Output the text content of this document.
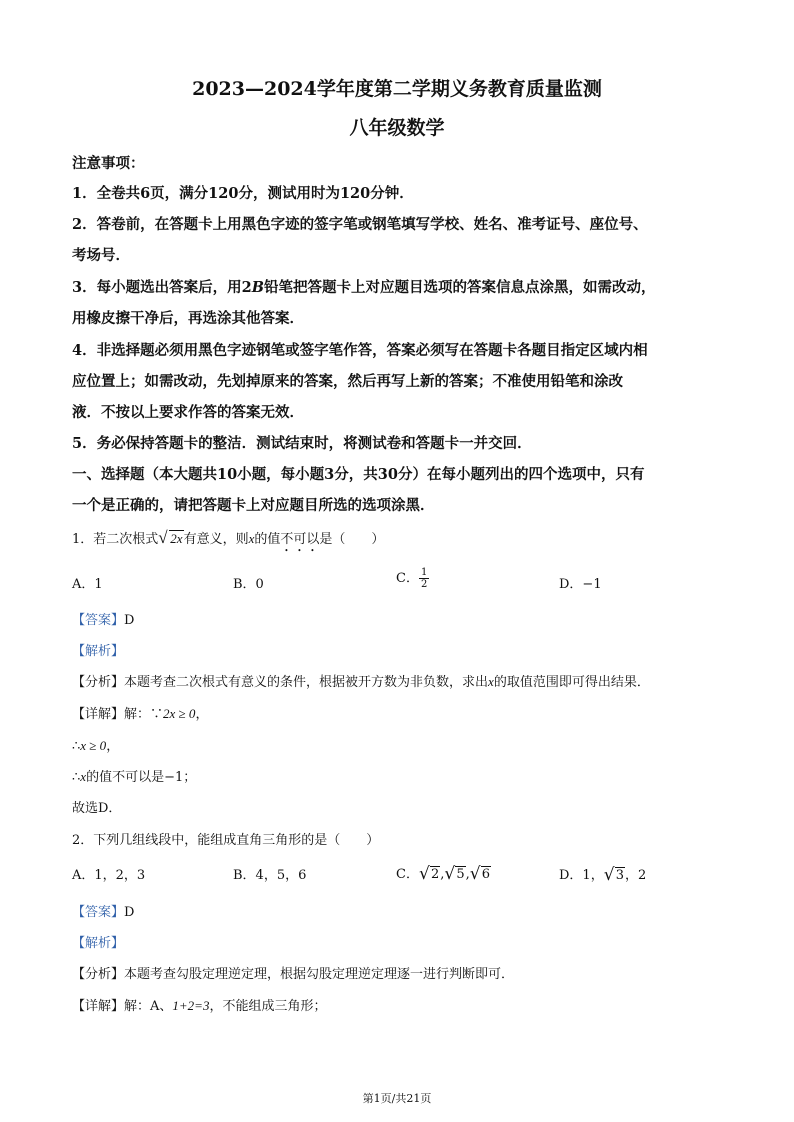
2023—2024学年度第二学期义务教育质量监测
八年级数学
注意事项：
1．全卷共6页，满分120分，测试用时为120分钟．
2．答卷前，在答题卡上用黑色字迹的签字笔或钢笔填写学校、姓名、准考证号、座位号、
考场号．
3．每小题选出答案后，用2B铅笔把答题卡上对应题目选项的答案信息点涂黑，如需改动，
用橡皮擦干净后，再选涂其他答案．
4．非选择题必须用黑色字迹钢笔或签字笔作答，答案必须写在答题卡各题目指定区域内相
应位置上；如需改动，先划掉原来的答案，然后再写上新的答案；不准使用铅笔和涂改
液．不按以上要求作答的答案无效．
5．务必保持答题卡的整洁．测试结束时，将测试卷和答题卡一并交回．
一、选择题（本大题共10小题，每小题3分，共30分）在每小题列出的四个选项中，只有
一个是正确的，请把答题卡上对应题目所选的选项涂黑．
1．若二次根式 √ 2x有意义，则x的值不可以是（　　）
A．1	B．0	C． $\frac{1}{2}$	D．−1
【答案】D
【解析】
【分析】本题考查二次根式有意义的条件，根据被开方数为非负数，求出x的取值范围即可得出结果．
【详解】解：∵2x ≥ 0，
∴x ≥ 0，
∴x的值不可以是−1；
故选D．
2．下列几组线段中，能组成直角三角形的是（　　）
A．1，2，3	B．4，5，6	C． √ 2, √ 5, √ 6	D．1， √ 3，2
【答案】D
【解析】
【分析】本题考查勾股定理逆定理，根据勾股定理逆定理逐一进行判断即可．
【详解】解：A、1+2=3，不能组成三角形；
第1页/共21页
